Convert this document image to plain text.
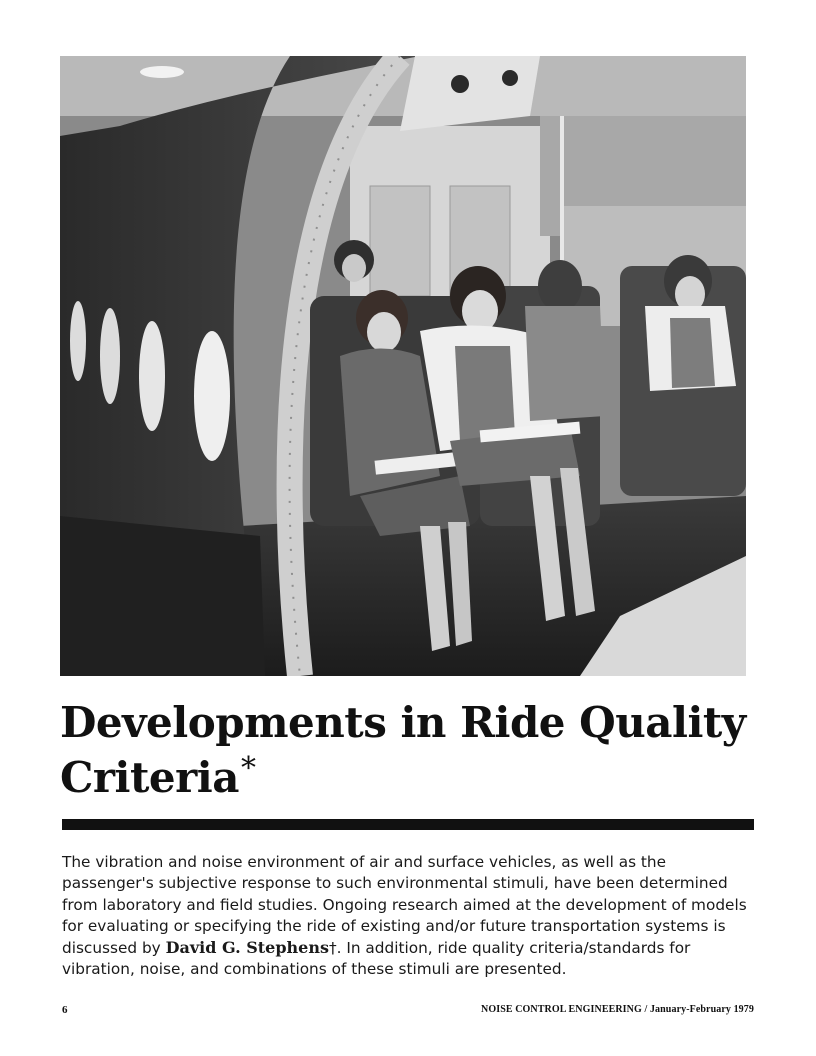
Developments in Ride Quality Criteria*

The vibration and noise environment of air and surface vehicles, as well as the passenger's subjective response to such environmental stimuli, have been determined from laboratory and field studies. Ongoing research aimed at the development of models for evaluating or specifying the ride of existing and/or future transportation systems is discussed by David G. Stephens†. In addition, ride quality criteria/standards for vibration, noise, and combinations of these stimuli are presented.

6	NOISE CONTROL ENGINEERING / January-February 1979
